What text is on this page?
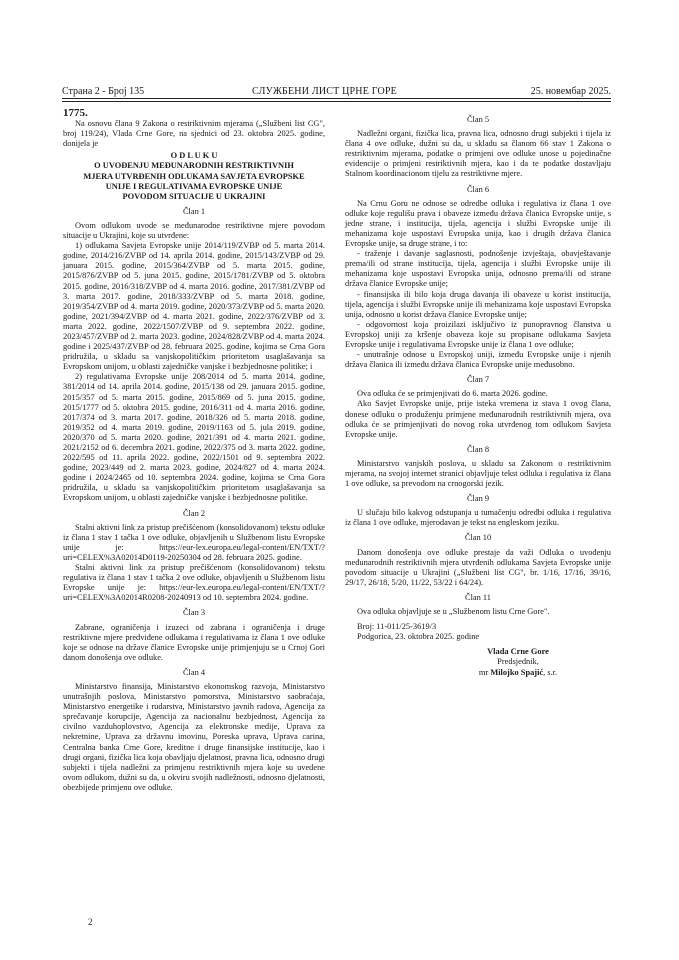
Страна 2 - Број 135	СЛУЖБЕНИ ЛИСТ ЦРНЕ ГОРЕ	25. новембар 2025.
1775.

Na osnovu člana 9 Zakona o restriktivnim mjerama („Službeni list CG", broj 119/24), Vlada Crne Gore, na sjednici od 23. oktobra 2025. godine, donijela je

O D L U K U
O UVOĐENJU MEĐUNARODNIH RESTRIKTIVNIH
MJERA UTVRĐENIH ODLUKAMA SAVJETA EVROPSKE
UNIJE I REGULATIVAMA EVROPSKE UNIJE
POVODOM SITUACIJE U UKRAJINI
Član 1

Ovom odlukom uvode se međunarodne restriktivne mjere povodom situacije u Ukrajini, koje su utvrđene:

1) odlukama Savjeta Evropske unije 2014/119/ZVBP od 5. marta 2014. godine, 2014/216/ZVBP od 14. aprila 2014. godine, 2015/143/ZVBP od 29. januara 2015. godine, 2015/364/ZVBP od 5. marta 2015. godine, 2015/876/ZVBP od 5. juna 2015. godine, 2015/1781/ZVBP od 5. oktobra 2015. godine, 2016/318/ZVBP od 4. marta 2016. godine, 2017/381/ZVBP od 3. marta 2017. godine, 2018/333/ZVBP od 5. marta 2018. godine, 2019/354/ZVBP od 4. marta 2019. godine, 2020/373/ZVBP od 5. marta 2020. godine, 2021/394/ZVBP od 4. marta 2021. godine, 2022/376/ZVBP od 3. marta 2022. godine, 2022/1507/ZVBP od 9. septembra 2022. godine, 2023/457/ZVBP od 2. marta 2023. godine, 2024/828/ZVBP od 4. marta 2024. godine i 2025/437/ZVBP od 28. februara 2025. godine, kojima se Crna Gora pridružila, u skladu sa vanjskopolitičkim prioritetom usaglašavanja sa Evropskom unijom, u oblasti zajedničke vanjske i bezbjednosne politike; i

2) regulativama Evropske unije 208/2014 od 5. marta 2014. godine, 381/2014 od 14. aprila 2014. godine, 2015/138 od 29. januara 2015. godine, 2015/357 od 5. marta 2015. godine, 2015/869 od 5. juna 2015. godine, 2015/1777 od 5. oktobra 2015. godine, 2016/311 od 4. marta 2016. godine, 2017/374 od 3. marta 2017. godine, 2018/326 od 5. marta 2018. godine, 2019/352 od 4. marta 2019. godine, 2019/1163 od 5. jula 2019. godine, 2020/370 od 5. marta 2020. godine, 2021/391 od 4. marta 2021. godine, 2021/2152 od 6. decembra 2021. godine, 2022/375 od 3. marta 2022. godine, 2022/595 od 11. aprila 2022. godine, 2022/1501 od 9. septembra 2022. godine, 2023/449 od 2. marta 2023. godine, 2024/827 od 4. marta 2024. godine i 2024/2465 od 10. septembra 2024. godine, kojima se Crna Gora pridružila, u skladu sa vanjskopolitičkim prioritetom usaglašavanja sa Evropskom unijom, u oblasti zajedničke vanjske i bezbjednosne politike.

Član 2

Stalni aktivni link za pristup prečišćenom (konsolidovanom) tekstu odluke iz člana 1 stav 1 tačka 1 ove odluke, objavljenih u Službenom listu Evropske unije je: https://eur-lex.europa.eu/legal-content/EN/TXT/?uri=CELEX%3A02014D0119-20250304 od 28. februara 2025. godine.

Stalni aktivni link za pristup prečišćenom (konsolidovanom) tekstu regulativa iz člana 1 stav 1 tačka 2 ove odluke, objavljenih u Službenom listu Evropske unije je: https://eur-lex.europa.eu/legal-content/EN/TXT/?uri=CELEX%3A02014R0208-20240913 od 10. septembra 2024. godine.

Član 3

Zabrane, ograničenja i izuzeci od zabrana i ograničenja i druge restriktivne mjere predviđene odlukama i regulativama iz člana 1 ove odluke koje se odnose na države članice Evropske unije primjenjuju se u Crnoj Gori danom donošenja ove odluke.

Član 4

Ministarstvo finansija, Ministarstvo ekonomskog razvoja, Ministarstvo unutrašnjih poslova, Ministarstvo pomorstva, Ministarstvo saobraćaja, Ministarstvo energetike i rudarstva, Ministarstvo javnih radova, Agencija za sprečavanje korupcije, Agencija za nacionalnu bezbjednost, Agencija za civilno vazduhoplovstvo, Agencija za elektronske medije, Uprava za nekretnine, Uprava za državnu imovinu, Poreska uprava, Uprava carina, Centralna banka Crne Gore, kreditne i druge finansijske institucije, kao i drugi organi, fizička lica koja obavljaju djelatnost, pravna lica, odnosno drugi subjekti i tijela nadležni za primjenu restriktivnih mjera koje su uvedene ovom odlukom, dužni su da, u okviru svojih nadležnosti, odnosno djelatnosti, obezbijede primjenu ove odluke.

Član 5

Nadležni organi, fizička lica, pravna lica, odnosno drugi subjekti i tijela iz člana 4 ove odluke, dužni su da, u skladu sa članom 66 stav 1 Zakona o restriktivnim mjerama, podatke o primjeni ove odluke unose u pojedinačne evidencije o primjeni restriktivnih mjera, kao i da te podatke dostavljaju Stalnom koordinacionom tijelu za restriktivne mjere.

Član 6

Na Crnu Goru ne odnose se odredbe odluka i regulativa iz člana 1 ove odluke koje regulišu prava i obaveze između država članica Evropske unije, s jedne strane, i institucija, tijela, agencija i službi Evropske unije ili mehanizama koje uspostavi Evropska unija, kao i drugih država članica Evropske unije, sa druge strane, i to:

- traženje i davanje saglasnosti, podnošenje izvještaja, obavještavanje prema/ili od strane institucija, tijela, agencija i službi Evropske unije ili mehanizama koje uspostavi Evropska unija, odnosno prema/ili od strane država članice Evropske unije;

- finansijska ili bilo koja druga davanja ili obaveze u korist institucija, tijela, agencija i službi Evropske unije ili mehanizama koje uspostavi Evropska unija, odnosno u korist država članice Evropske unije;

- odgovornost koja proizilazi isključivo iz punopravnog članstva u Evropskoj uniji za kršenje obaveza koje su propisane odlukama Savjeta Evropske unije i regulativama Evropske unije iz člana 1 ove odluke;

- unutrašnje odnose u Evropskoj uniji, između Evropske unije i njenih država članica ili između država članica Evropske unije međusobno.

Član 7

Ova odluka će se primjenjivati do 6. marta 2026. godine.

Ako Savjet Evropske unije, prije isteka vremena iz stava 1 ovog člana, donese odluku o produženju primjene međunarodnih restriktivnih mjera, ova odluka će se primjenjivati do novog roka utvrđenog tom odlukom Savjeta Evropske unije.

Član 8

Ministarstvo vanjskih poslova, u skladu sa Zakonom o restriktivnim mjerama, na svojoj internet stranici objavljuje tekst odluka i regulativa iz člana 1 ove odluke, sa prevodom na crnogorski jezik.

Član 9

U slučaju bilo kakvog odstupanja u tumačenju odredbi odluka i regulativa iz člana 1 ove odluke, mjerodavan je tekst na engleskom jeziku.

Član 10

Danom donošenja ove odluke prestaje da važi Odluka o uvođenju međunarodnih restriktivnih mjera utvrđenih odlukama Savjeta Evropske unije povodom situacije u Ukrajini („Službeni list CG", br. 1/16, 17/16, 39/16, 29/17, 26/18, 5/20, 11/22, 53/22 i 64/24).

Član 11

Ova odluka objavljuje se u „Službenom listu Crne Gore".

Broj: 11-011/25-3619/3

Podgorica, 23. oktobra 2025. godine

Vlada Crne Gore
Predsjednik,
mr Milojko Spajić, s.r.
2
